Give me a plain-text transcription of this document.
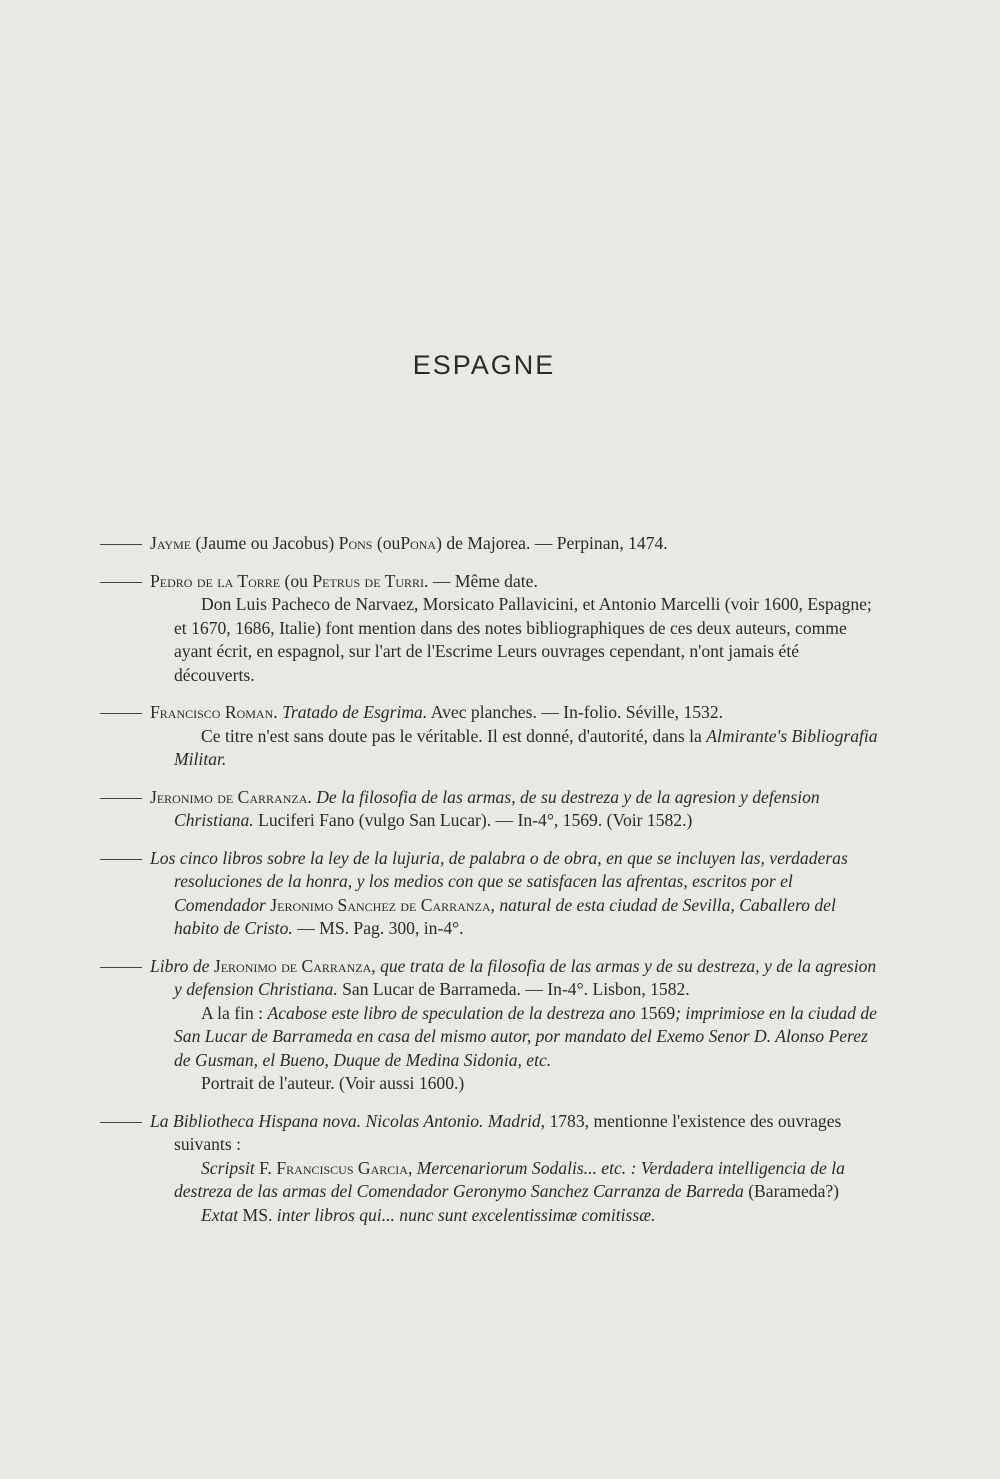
ESPAGNE

Jayme (Jaume ou Jacobus) Pons (ouPona) de Majorea. — Perpinan, 1474.

Pedro de la Torre (ou Petrus de Turri. — Même date.

Don Luis Pacheco de Narvaez, Morsicato Pallavicini, et Antonio Marcelli (voir 1600, Espagne; et 1670, 1686, Italie) font mention dans des notes bibliographiques de ces deux auteurs, comme ayant écrit, en espagnol, sur l'art de l'Escrime Leurs ouvrages cependant, n'ont jamais été découverts.

Francisco Roman. Tratado de Esgrima. Avec planches. — In-folio. Séville, 1532.

Ce titre n'est sans doute pas le véritable. Il est donné, d'autorité, dans la Almirante's Bibliografia Militar.

Jeronimo de Carranza. De la filosofia de las armas, de su destreza y de la agresion y defension Christiana. Luciferi Fano (vulgo San Lucar). — In-4°, 1569. (Voir 1582.)

Los cinco libros sobre la ley de la lujuria, de palabra o de obra, en que se incluyen las, verdaderas resoluciones de la honra, y los medios con que se satisfacen las afrentas, escritos por el Comendador Jeronimo Sanchez de Carranza, natural de esta ciudad de Sevilla, Caballero del habito de Cristo. — MS. Pag. 300, in-4°.

Libro de Jeronimo de Carranza, que trata de la filosofia de las armas y de su destreza, y de la agresion y defension Christiana. San Lucar de Barrameda. — In-4°. Lisbon, 1582.

A la fin : Acabose este libro de speculation de la destreza ano 1569; imprimiose en la ciudad de San Lucar de Barrameda en casa del mismo autor, por mandato del Exemo Senor D. Alonso Perez de Gusman, el Bueno, Duque de Medina Sidonia, etc.

Portrait de l'auteur. (Voir aussi 1600.)

La Bibliotheca Hispana nova. Nicolas Antonio. Madrid, 1783, mentionne l'existence des ouvrages suivants :

Scripsit F. Franciscus Garcia, Mercenariorum Sodalis... etc. : Verdadera intelligencia de la destreza de las armas del Comendador Geronymo Sanchez Carranza de Barreda (Barameda?)

Extat MS. inter libros qui... nunc sunt excelentissimæ comitissæ.
